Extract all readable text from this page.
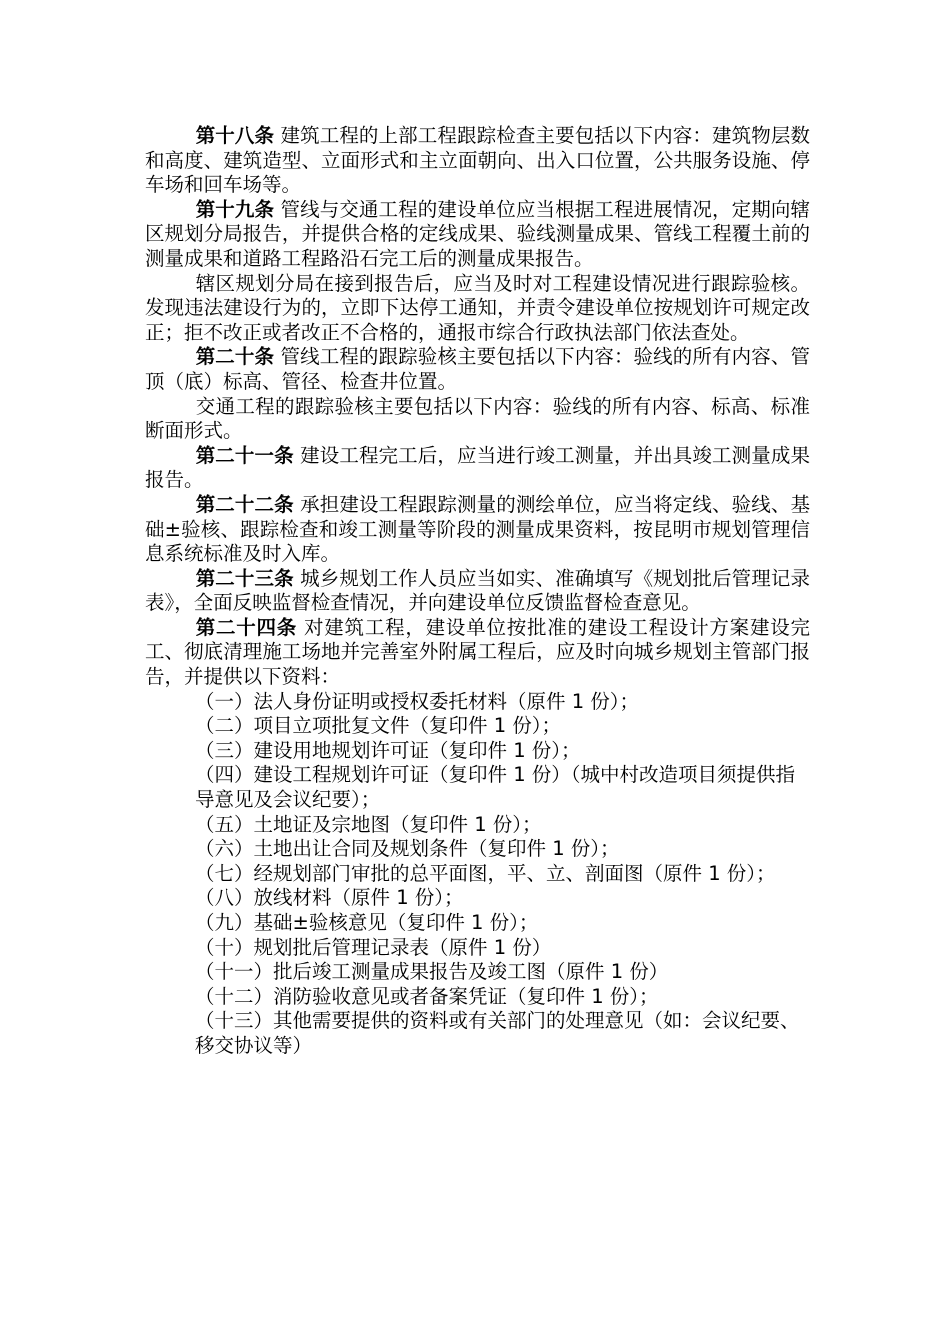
第十八条 建筑工程的上部工程跟踪检查主要包括以下内容：建筑物层数和高度、建筑造型、立面形式和主立面朝向、出入口位置，公共服务设施、停车场和回车场等。

第十九条 管线与交通工程的建设单位应当根据工程进展情况，定期向辖区规划分局报告，并提供合格的定线成果、验线测量成果、管线工程覆土前的测量成果和道路工程路沿石完工后的测量成果报告。

辖区规划分局在接到报告后，应当及时对工程建设情况进行跟踪验核。发现违法建设行为的，立即下达停工通知，并责令建设单位按规划许可规定改正；拒不改正或者改正不合格的，通报市综合行政执法部门依法查处。

第二十条 管线工程的跟踪验核主要包括以下内容：验线的所有内容、管顶（底）标高、管径、检查井位置。

交通工程的跟踪验核主要包括以下内容：验线的所有内容、标高、标准断面形式。

第二十一条 建设工程完工后，应当进行竣工测量，并出具竣工测量成果报告。

第二十二条 承担建设工程跟踪测量的测绘单位，应当将定线、验线、基础±验核、跟踪检查和竣工测量等阶段的测量成果资料，按昆明市规划管理信息系统标准及时入库。

第二十三条 城乡规划工作人员应当如实、准确填写《规划批后管理记录表》，全面反映监督检查情况，并向建设单位反馈监督检查意见。

第二十四条 对建筑工程，建设单位按批准的建设工程设计方案建设完工、彻底清理施工场地并完善室外附属工程后，应及时向城乡规划主管部门报告，并提供以下资料：

（一）法人身份证明或授权委托材料（原件 1 份）；
（二）项目立项批复文件（复印件 1 份）；
（三）建设用地规划许可证（复印件 1 份）；
（四）建设工程规划许可证（复印件 1 份）（城中村改造项目须提供指导意见及会议纪要）；
（五）土地证及宗地图（复印件 1 份）；
（六）土地出让合同及规划条件（复印件 1 份）；
（七）经规划部门审批的总平面图，平、立、剖面图（原件 1 份）；
（八）放线材料（原件 1 份）；
（九）基础±验核意见（复印件 1 份）；
（十）规划批后管理记录表（原件 1 份）
（十一）批后竣工测量成果报告及竣工图（原件 1 份）
（十二）消防验收意见或者备案凭证（复印件 1 份）；
（十三）其他需要提供的资料或有关部门的处理意见（如：会议纪要、移交协议等）
